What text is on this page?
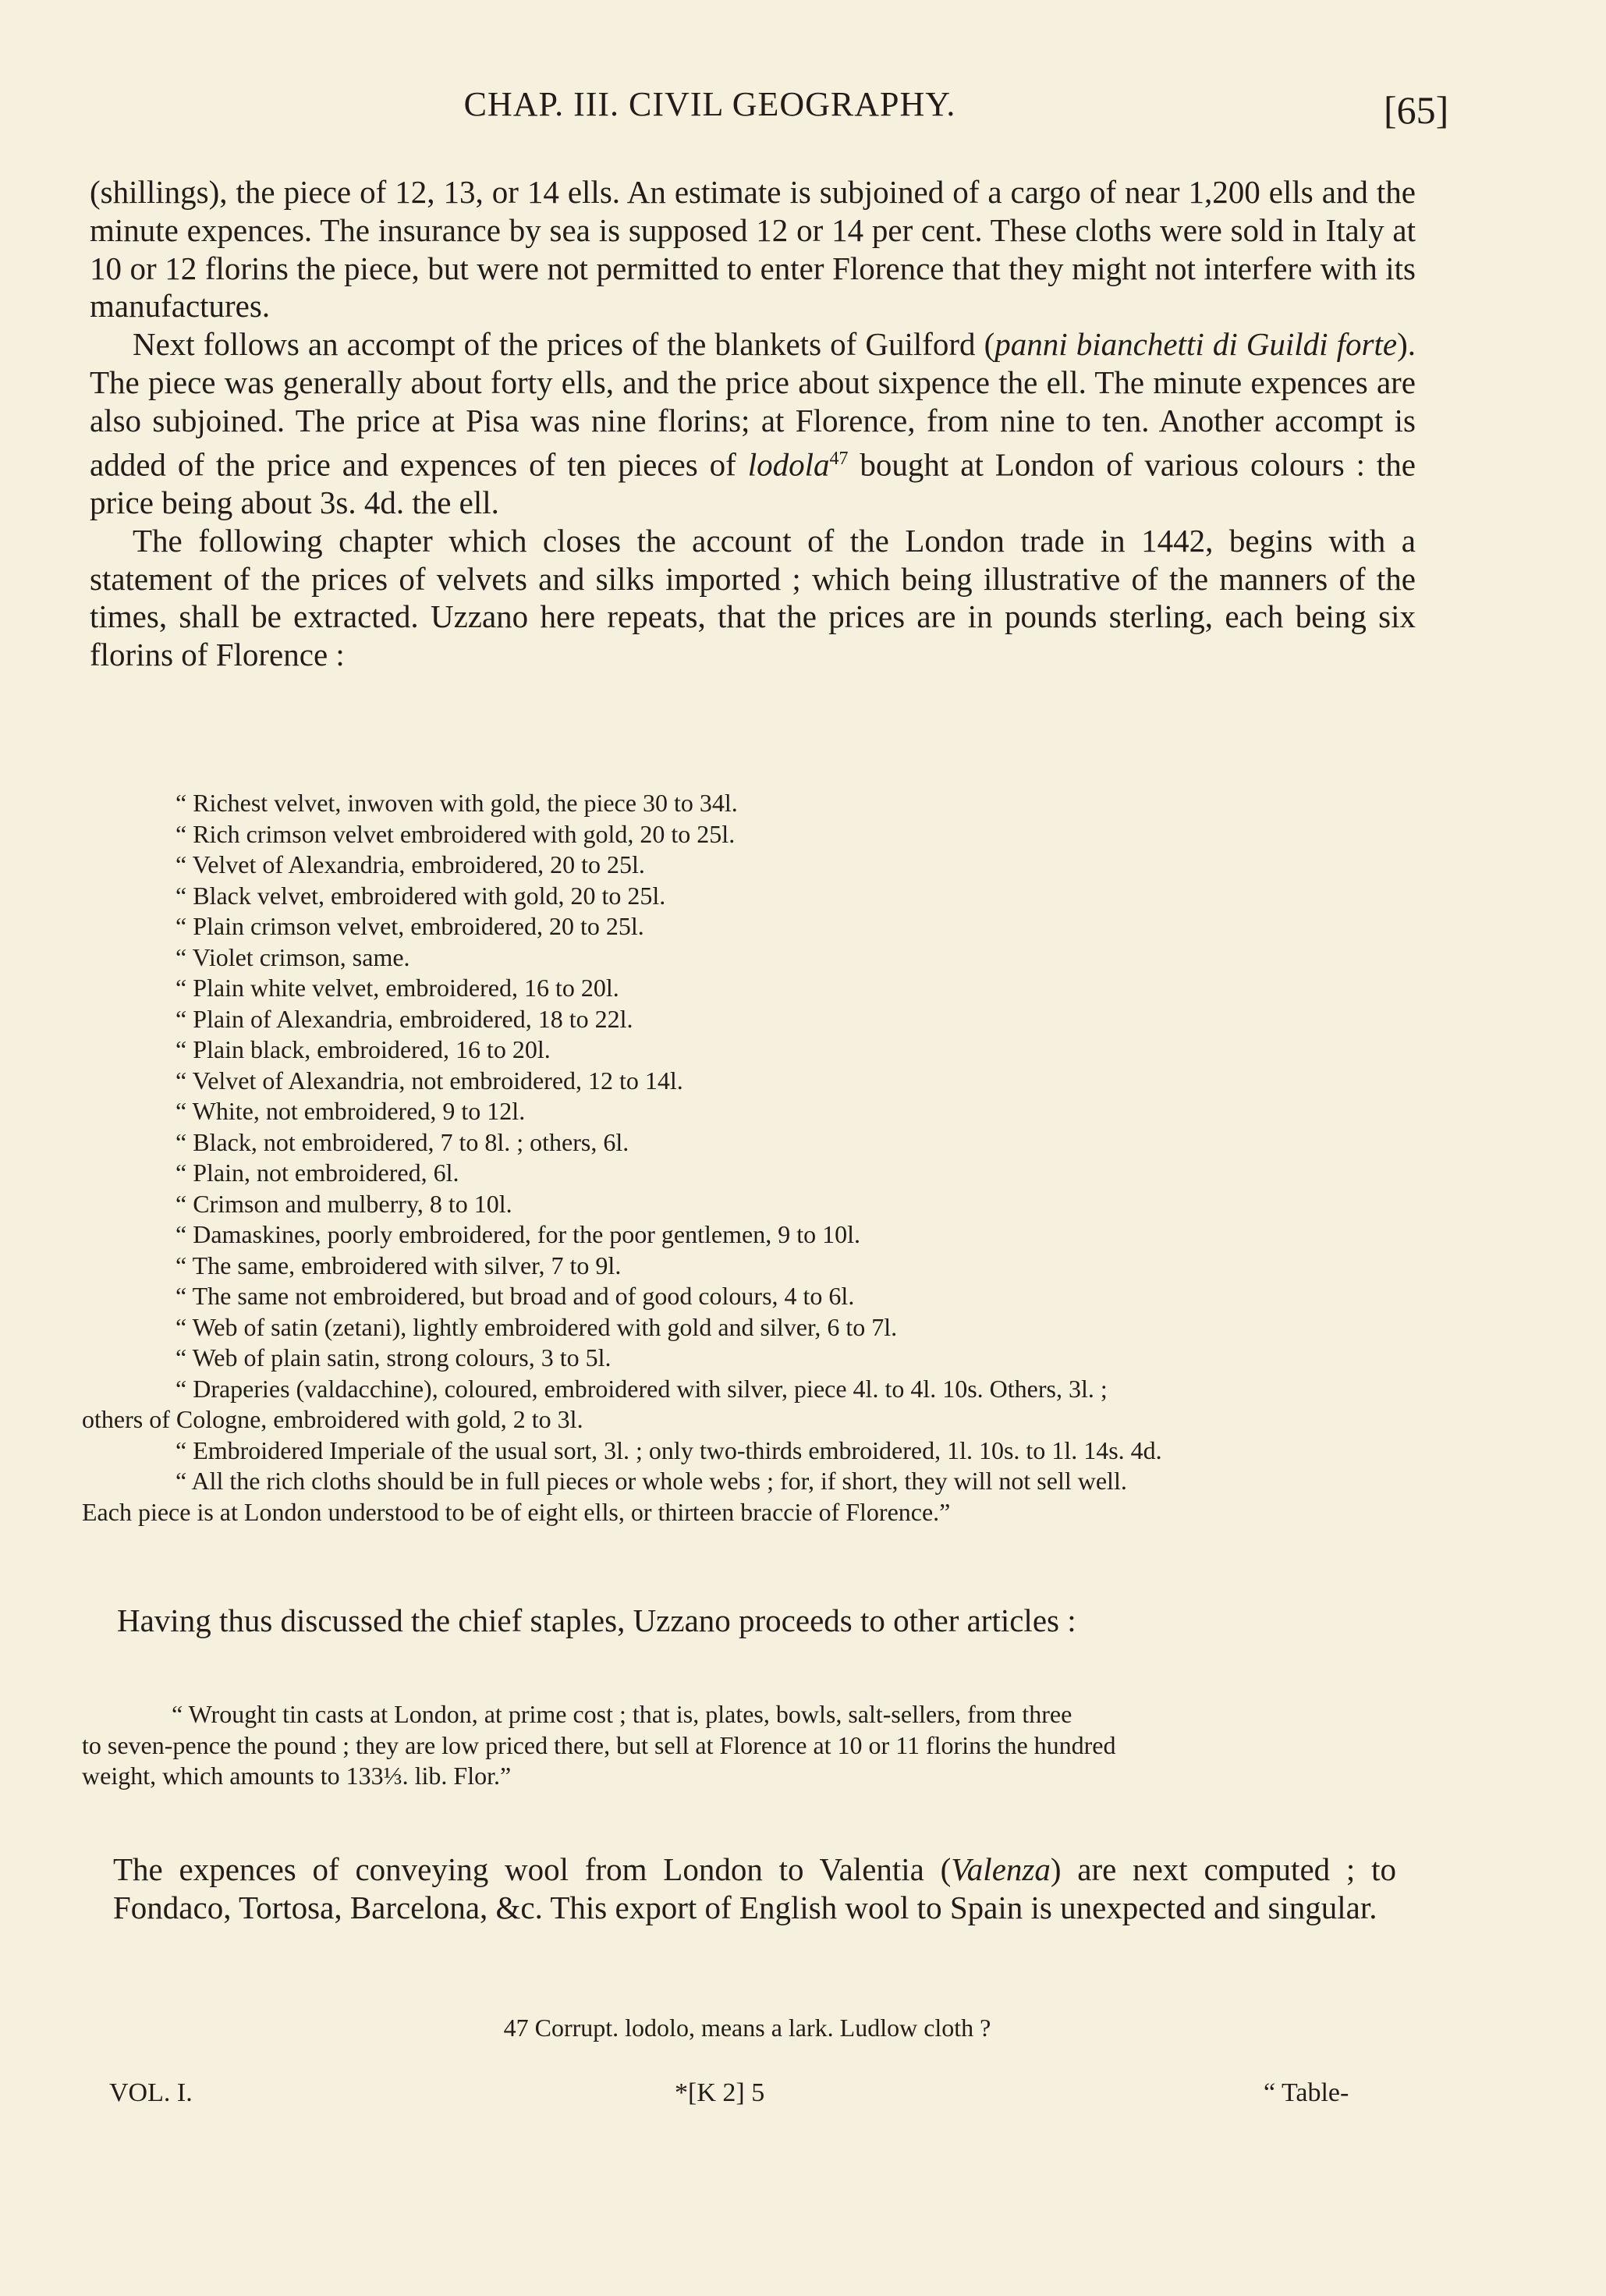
CHAP. III. CIVIL GEOGRAPHY.	[65]

(shillings), the piece of 12, 13, or 14 ells. An estimate is subjoined of a cargo of near 1,200 ells and the minute expences. The insurance by sea is supposed 12 or 14 per cent. These cloths were sold in Italy at 10 or 12 florins the piece, but were not permitted to enter Florence that they might not interfere with its manufactures.

Next follows an accompt of the prices of the blankets of Guilford (panni bianchetti di Guildi forte). The piece was generally about forty ells, and the price about sixpence the ell. The minute expences are also subjoined. The price at Pisa was nine florins; at Florence, from nine to ten. Another accompt is added of the price and expences of ten pieces of lodola$^{47}$ bought at London of various colours : the price being about 3s. 4d. the ell.

The following chapter which closes the account of the London trade in 1442, begins with a statement of the prices of velvets and silks imported ; which being illustrative of the manners of the times, shall be extracted. Uzzano here repeats, that the prices are in pounds sterling, each being six florins of Florence :

“ Richest velvet, inwoven with gold, the piece 30 to 34l.
“ Rich crimson velvet embroidered with gold, 20 to 25l.
“ Velvet of Alexandria, embroidered, 20 to 25l.
“ Black velvet, embroidered with gold, 20 to 25l.
“ Plain crimson velvet, embroidered, 20 to 25l.
“ Violet crimson, same.
“ Plain white velvet, embroidered, 16 to 20l.
“ Plain of Alexandria, embroidered, 18 to 22l.
“ Plain black, embroidered, 16 to 20l.
“ Velvet of Alexandria, not embroidered, 12 to 14l.
“ White, not embroidered, 9 to 12l.
“ Black, not embroidered, 7 to 8l. ; others, 6l.
“ Plain, not embroidered, 6l.
“ Crimson and mulberry, 8 to 10l.
“ Damaskines, poorly embroidered, for the poor gentlemen, 9 to 10l.
“ The same, embroidered with silver, 7 to 9l.
“ The same not embroidered, but broad and of good colours, 4 to 6l.
“ Web of satin (zetani), lightly embroidered with gold and silver, 6 to 7l.
“ Web of plain satin, strong colours, 3 to 5l.
“ Draperies (valdacchine), coloured, embroidered with silver, piece 4l. to 4l. 10s. Others, 3l. ;
others of Cologne, embroidered with gold, 2 to 3l.
“ Embroidered Imperiale of the usual sort, 3l. ; only two-thirds embroidered, 1l. 10s. to 1l. 14s. 4d.
“ All the rich cloths should be in full pieces or whole webs ; for, if short, they will not sell well.
Each piece is at London understood to be of eight ells, or thirteen braccie of Florence.”
Having thus discussed the chief staples, Uzzano proceeds to other articles :
“ Wrought tin casts at London, at prime cost ; that is, plates, bowls, salt-sellers, from three
to seven-pence the pound ; they are low priced there, but sell at Florence at 10 or 11 florins the hundred
weight, which amounts to 133⅓. lib. Flor.”
The expences of conveying wool from London to Valentia (Valenza) are next computed ; to Fondaco, Tortosa, Barcelona, &c. This export of English wool to Spain is unexpected and singular.
47 Corrupt. lodolo, means a lark. Ludlow cloth ?
VOL. I.	*[K 2] 5	“ Table-
